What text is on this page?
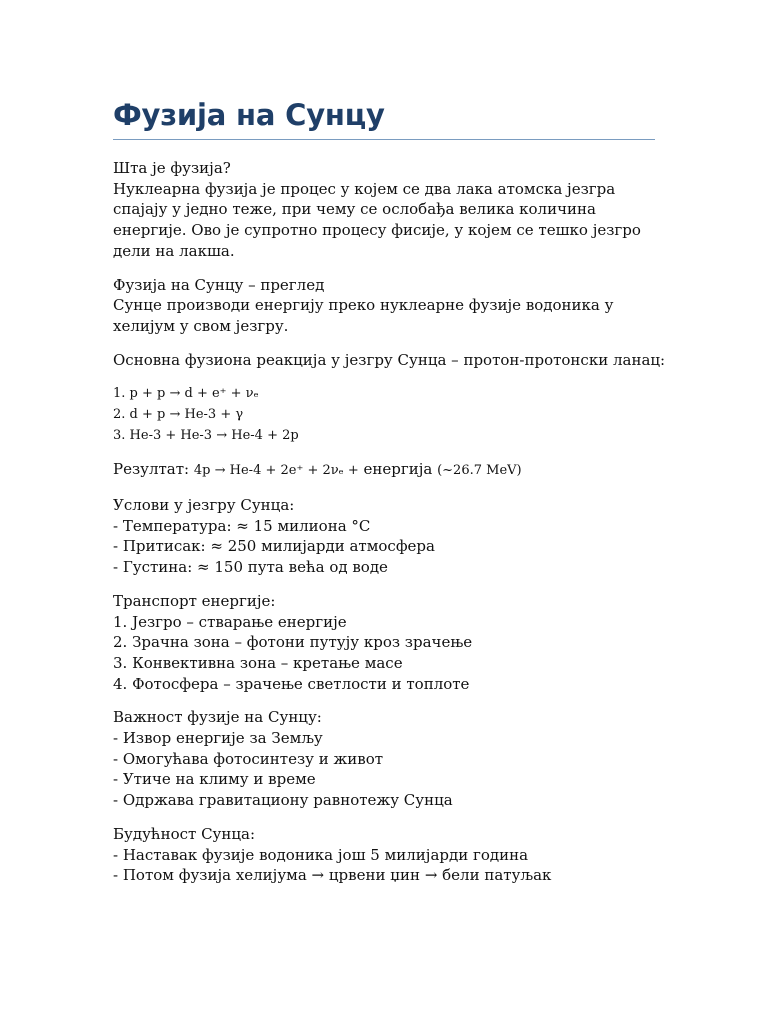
Фузија на Сунцу
Шта је фузија?
Нуклеарна фузија је процес у којем се два лака атомска језгра спајају у једно теже, при чему се ослобађа велика количина енергије. Ово је супротно процесу фисије, у којем се тешко језгро дели на лакша.
Фузија на Сунцу – преглед
Сунце производи енергију преко нуклеарне фузије водоника у хелијум у свом језгру.
Основна фузиона реакција у језгру Сунца – протон-протонски ланац:
1. p + p → d + e⁺ + νₑ
2. d + p → He-3 + γ
3. He-3 + He-3 → He-4 + 2p
Резултат: 4p → He-4 + 2e⁺ + 2νₑ + енергија (~26.7 MeV)
Услови у језгру Сунца:
- Температура: ≈ 15 милиона °C
- Притисак: ≈ 250 милијарди атмосфера
- Густина: ≈ 150 пута већа од воде
Транспорт енергије:
1. Језгро – стварање енергије
2. Зрачна зона – фотони путују кроз зрачење
3. Конвективна зона – кретање масе
4. Фотосфера – зрачење светлости и топлоте
Важност фузије на Сунцу:
- Извор енергије за Земљу
- Омогућава фотосинтезу и живот
- Утиче на климу и време
- Одржава гравитациону равнотежу Сунца
Будућност Сунца:
- Наставак фузије водоника још 5 милијарди година
- Потом фузија хелијума → црвени џин → бели патуљак
